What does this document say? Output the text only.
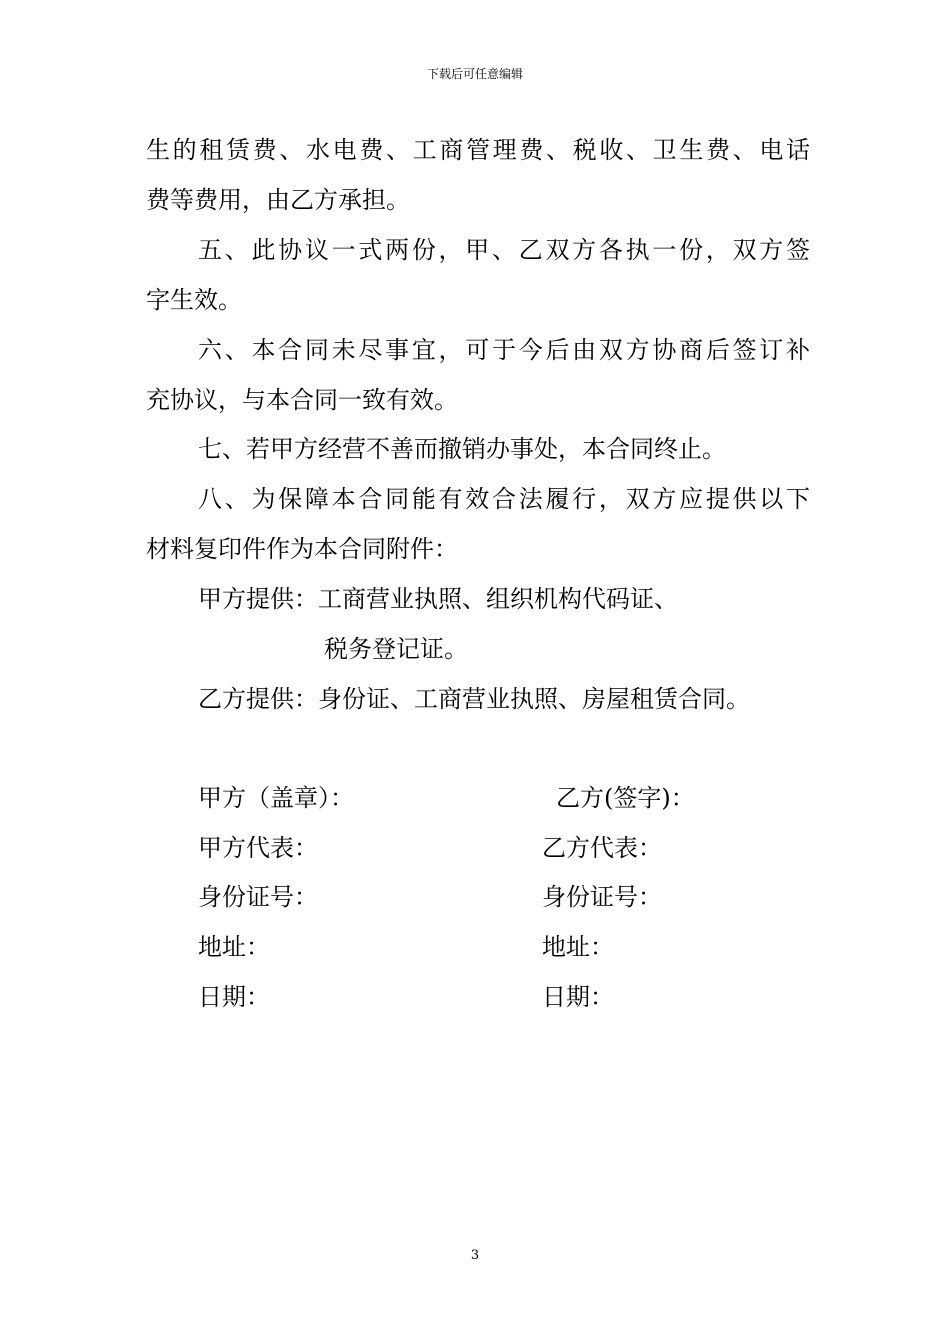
下载后可任意编辑
生的租赁费、水电费、工商管理费、税收、卫生费、电话
费等费用，由乙方承担。
五、此协议一式两份，甲、乙双方各执一份，双方签
字生效。
六、本合同未尽事宜，可于今后由双方协商后签订补
充协议，与本合同一致有效。
七、若甲方经营不善而撤销办事处，本合同终止。
八、为保障本合同能有效合法履行，双方应提供以下
材料复印件作为本合同附件：
甲方提供：工商营业执照、组织机构代码证、
税务登记证。
乙方提供：身份证、工商营业执照、房屋租赁合同。
甲方（盖章）：	乙方(签字)：
甲方代表：	乙方代表：
身份证号：	身份证号：
地址：	地址：
日期：	日期：
3
